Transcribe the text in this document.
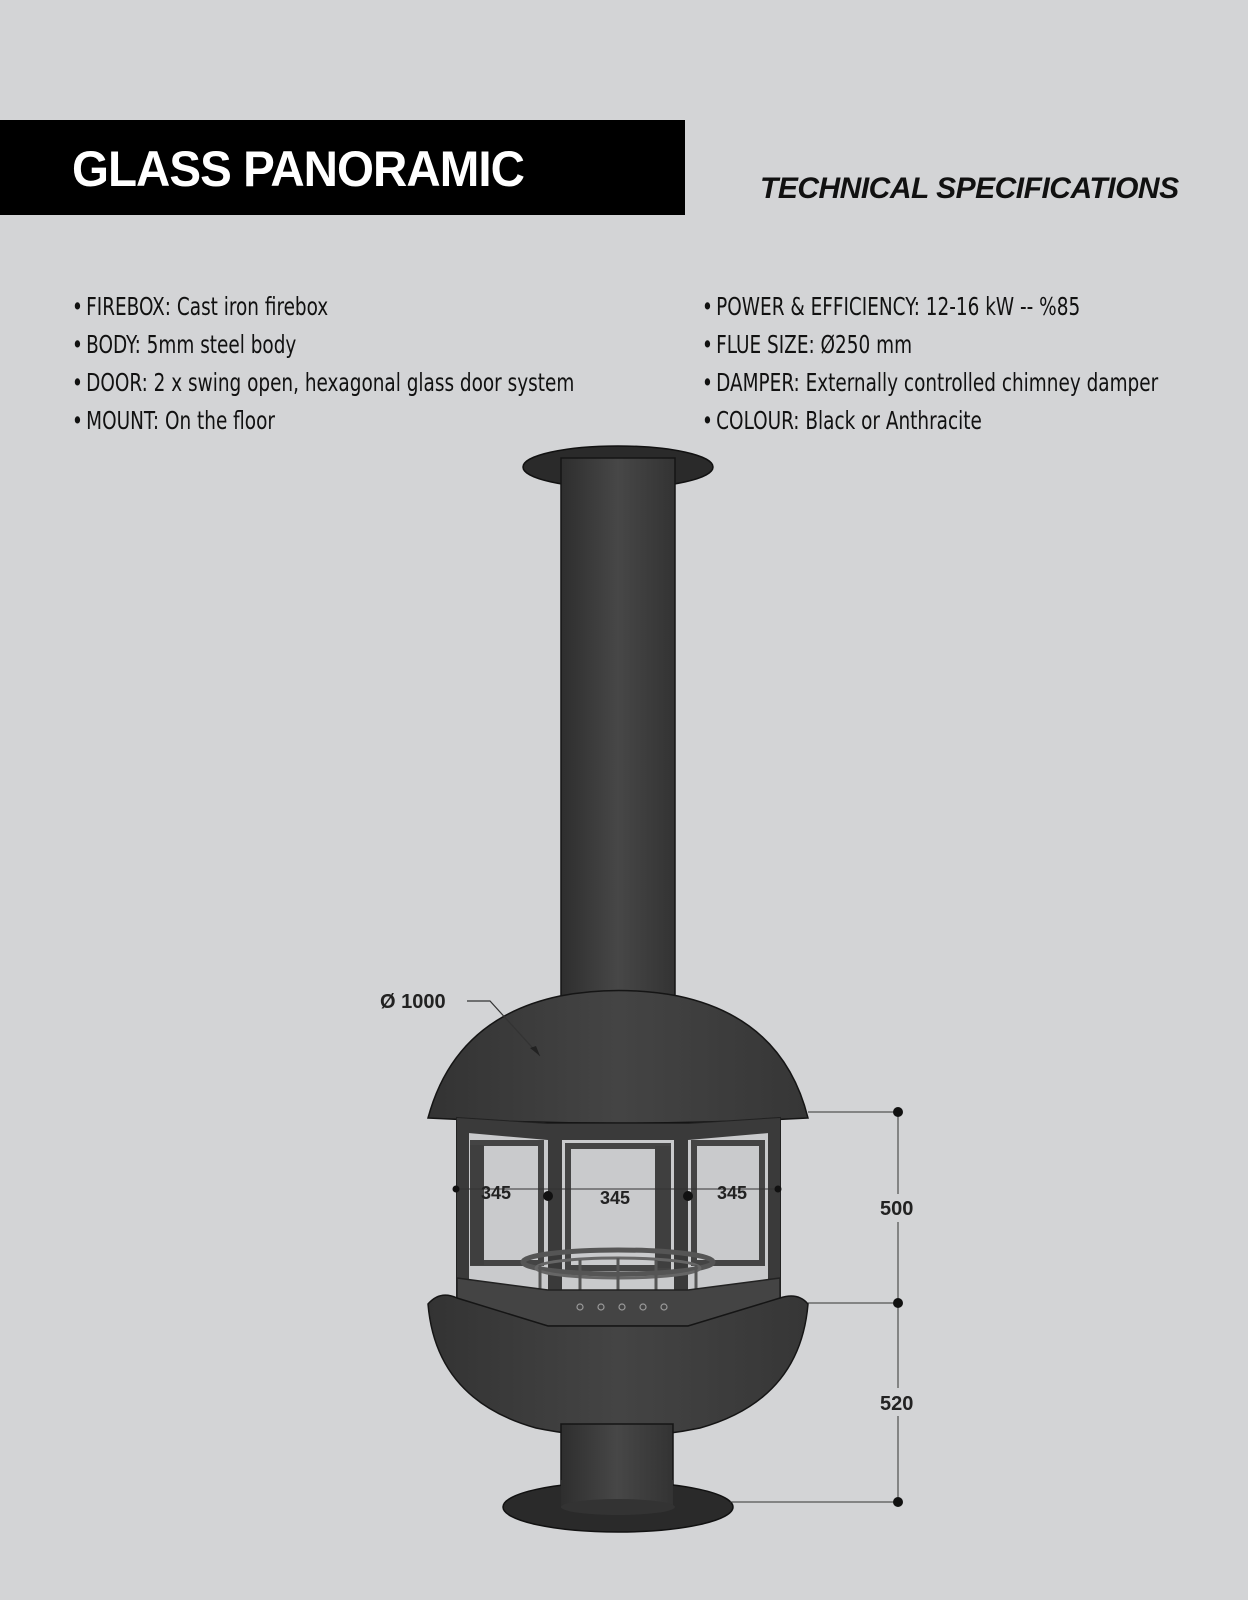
GLASS PANORAMIC	TECHNICAL SPECIFICATIONS
• FIREBOX: Cast iron firebox
• BODY: 5mm steel body
• DOOR: 2 x swing open, hexagonal glass door system
• MOUNT: On the floor
• POWER & EFFICIENCY: 12-16 kW -- %85
• FLUE SIZE: Ø250 mm
• DAMPER: Externally controlled chimney damper
• COLOUR: Black or Anthracite
Ø 1000
345	345	345
500
520
